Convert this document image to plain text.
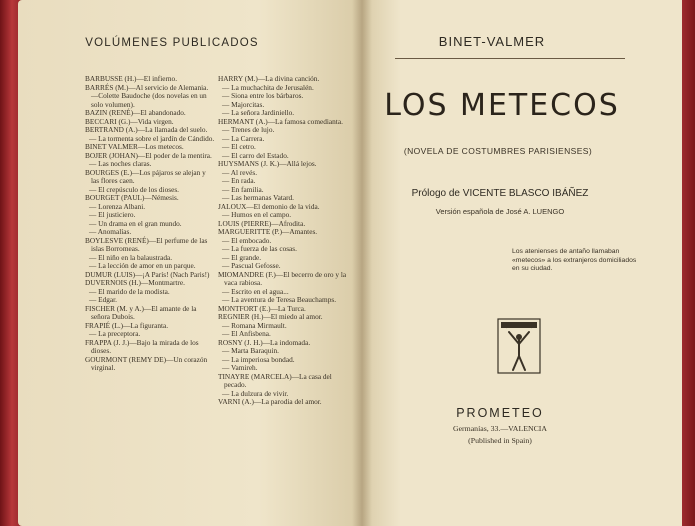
VOLÚMENES PUBLICADOS
BARBUSSE (H.)—El infierno.
BARRÉS (M.)—Al servicio de Alemania.—Colette Baudoche (dos novelas en un solo volumen).
BAZIN (RENÉ)—El abandonado.
BECCARI (G.)—Vida virgen.
BERTRAND (A.)—La llamada del suelo.
— La tormenta sobre el jardín de Cándido.
BINET VALMER—Los metecos.
BOJER (JOHAN)—El poder de la mentira.
— Las noches claras.
BOURGES (E.)—Los pájaros se alejan y las flores caen.
— El crepúsculo de los dioses.
BOURGET (PAUL)—Némesis.
— Lorenza Albani.
— El justiciero.
— Un drama en el gran mundo.
— Anomalías.
BOYLESVE (RENÉ)—El perfume de las islas Borromeas.
— El niño en la balaustrada.
— La lección de amor en un parque.
DUMUR (LUIS)—¡A París! (Nach Paris!)
DUVERNOIS (H.)—Montmartre.
— El marido de la modista.
— Edgar.
FISCHER (M. y A.)—El amante de la señora Dubois.
FRAPIÉ (L.)—La figuranta.
— La preceptora.
FRAPPA (J. J.)—Bajo la mirada de los dioses.
GOURMONT (REMY DE)—Un corazón virginal.
HARRY (M.)—La divina canción.
— La muchachita de Jerusalén.
— Siona entre los bárbaros.
— Majorcitas.
— La señora Jardiniello.
HERMANT (A.)—La famosa comedianta.
— Trenes de lujo.
— La Carrera.
— El cetro.
— El carro del Estado.
HUYSMANS (J. K.)—Allá lejos.
— Al revés.
— En rada.
— En familia.
— Las hermanas Vatard.
JALOUX—El demonio de la vida.
— Humos en el campo.
LOUIS (PIERRE)—Afrodita.
MARGUERITTE (P.)—Amantes.
— El embocado.
— La fuerza de las cosas.
— El grande.
— Pascual Gefosse.
MIOMANDRE (F.)—El becerro de oro y la vaca rabiosa.
— Escrito en el agua...
— La aventura de Teresa Beauchamps.
MONTFORT (E.)—La Turca.
REGNIER (H.)—El miedo al amor.
— Romana Mirmault.
— El Anfisbena.
ROSNY (J. H.)—La indomada.
— Marta Baraquin.
— La imperiosa bondad.
— Vamireh.
TINAYRE (MARCELA)—La casa del pecado.
— La dulzura de vivir.
VARNI (A.)—La parodia del amor.
BINET-VALMER
LOS METECOS
(NOVELA DE COSTUMBRES PARISIENSES)
Prólogo de VICENTE BLASCO IBÁÑEZ
Versión española de José A. LUENGO
Los atenienses de antaño llamaban «metecos» a los extranjeros domiciliados en su ciudad.
PROMETEO
Germanías, 33.—VALENCIA
(Published in Spain)
